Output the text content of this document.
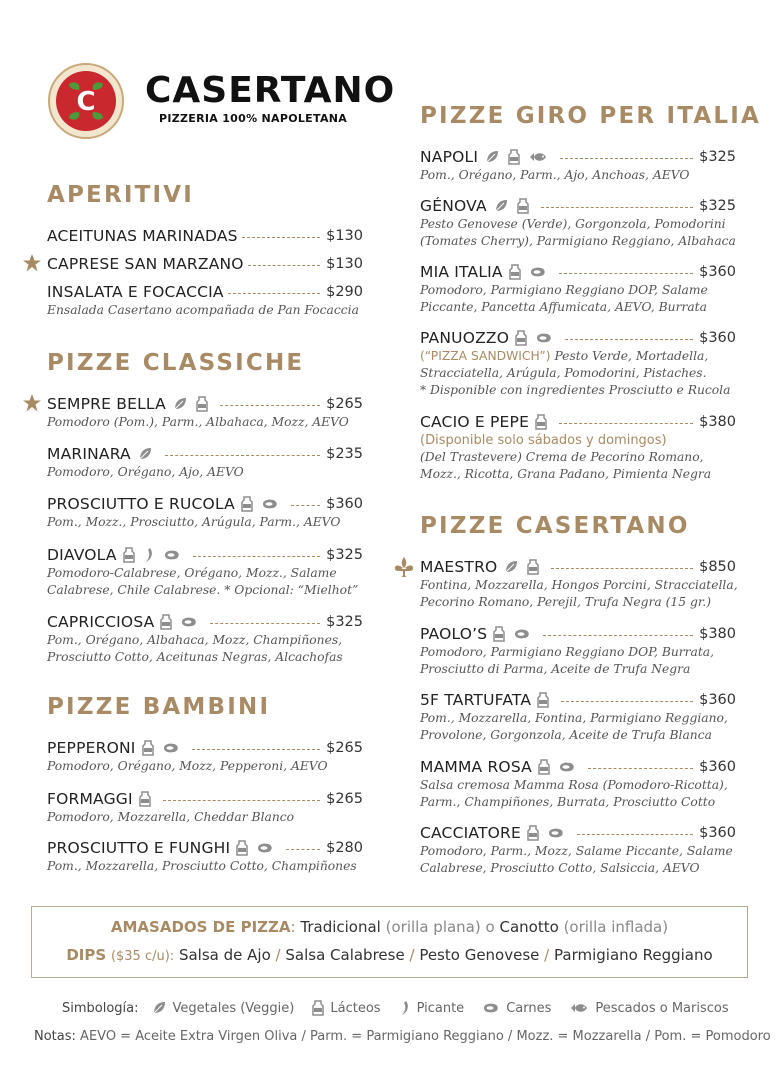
C CASERTANO
PIZZERIA 100% NAPOLETANA
APERITIVI
ACEITUNAS MARINADAS	$130
CAPRESE SAN MARZANO	$130
INSALATA E FOCACCIA	$290
Ensalada Casertano acompañada de Pan Focaccia
PIZZE CLASSICHE
SEMPRE BELLA	$265
Pomodoro (Pom.), Parm., Albahaca, Mozz, AEVO
MARINARA	$235
Pomodoro, Orégano, Ajo, AEVO
PROSCIUTTO E RUCOLA	$360
Pom., Mozz., Prosciutto, Arúgula, Parm., AEVO
DIAVOLA	$325
Pomodoro-Calabrese, Orégano, Mozz., Salame
Calabrese, Chile Calabrese. * Opcional: “Mielhot”
CAPRICCIOSA	$325
Pom., Orégano, Albahaca, Mozz, Champiñones,
Prosciutto Cotto, Aceitunas Negras, Alcachofas
PIZZE BAMBINI
PEPPERONI	$265
Pomodoro, Orégano, Mozz, Pepperoni, AEVO
FORMAGGI	$265
Pomodoro, Mozzarella, Cheddar Blanco
PROSCIUTTO E FUNGHI	$280
Pom., Mozzarella, Prosciutto Cotto, Champiñones
PIZZE GIRO PER ITALIA
NAPOLI	$325
Pom., Orégano, Parm., Ajo, Anchoas, AEVO
GÉNOVA	$325
Pesto Genovese (Verde), Gorgonzola, Pomodorini
(Tomates Cherry), Parmigiano Reggiano, Albahaca
MIA ITALIA	$360
Pomodoro, Parmigiano Reggiano DOP, Salame
Piccante, Pancetta Affumicata, AEVO, Burrata
PANUOZZO	$360
(“PIZZA SANDWICH”) Pesto Verde, Mortadella,
Stracciatella, Arúgula, Pomodorini, Pistaches.
* Disponible con ingredientes Prosciutto e Rucola
CACIO E PEPE	$380
(Disponible solo sábados y domingos)
(Del Trastevere) Crema de Pecorino Romano,
Mozz., Ricotta, Grana Padano, Pimienta Negra
PIZZE CASERTANO
MAESTRO	$850
Fontina, Mozzarella, Hongos Porcini, Stracciatella,
Pecorino Romano, Perejil, Trufa Negra (15 gr.)
PAOLO’S	$380
Pomodoro, Parmigiano Reggiano DOP, Burrata,
Prosciutto di Parma, Aceite de Trufa Negra
5F TARTUFATA	$360
Pom., Mozzarella, Fontina, Parmigiano Reggiano,
Provolone, Gorgonzola, Aceite de Trufa Blanca
MAMMA ROSA	$360
Salsa cremosa Mamma Rosa (Pomodoro-Ricotta),
Parm., Champiñones, Burrata, Prosciutto Cotto
CACCIATORE	$360
Pomodoro, Parm., Mozz, Salame Piccante, Salame
Calabrese, Prosciutto Cotto, Salsiccia, AEVO
AMASADOS DE PIZZA: Tradicional (orilla plana) o Canotto (orilla inflada)
DIPS ($35 c/u): Salsa de Ajo / Salsa Calabrese / Pesto Genovese / Parmigiano Reggiano
Simbología:	Vegetales (Veggie)	Lácteos	Picante	Carnes	Pescados o Mariscos
Notas: AEVO = Aceite Extra Virgen Oliva / Parm. = Parmigiano Reggiano / Mozz. = Mozzarella / Pom. = Pomodoro
